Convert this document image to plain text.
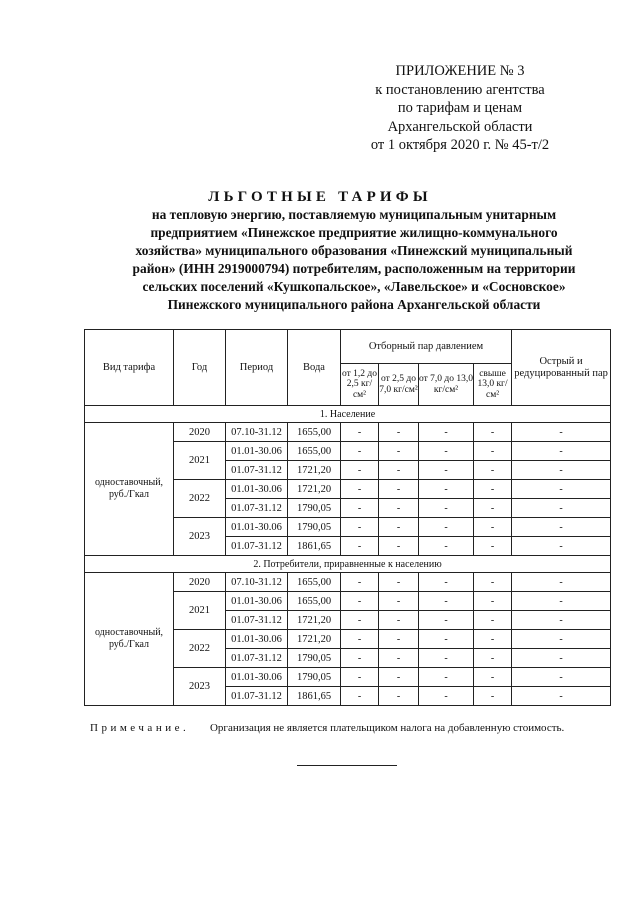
ПРИЛОЖЕНИЕ № 3
к постановлению агентства
по тарифам и ценам
Архангельской области
от 1 октября 2020 г. № 45-т/2
ЛЬГОТНЫЕ ТАРИФЫ
на тепловую энергию, поставляемую муниципальным унитарным
предприятием «Пинежское предприятие жилищно-коммунального
хозяйства» муниципального образования «Пинежский муниципальный
район» (ИНН 2919000794) потребителям, расположенным на территории
сельских поселений «Кушкопальское», «Лавельское» и «Сосновское»
Пинежского муниципального района Архангельской области
Вид тарифа	Год	Период	Вода	Отборный пар давлением				Острый и редуцированный пар
				от 1,2 до 2,5 кг/см²	от 2,5 до 7,0 кг/см²	от 7,0 до 13,0 кг/см²	свыше 13,0 кг/см²	
1. Население								
одноставочный, руб./Гкал	2020	07.10-31.12	1655,00	-	-	-	-	-
	2021	01.01-30.06	1655,00	-	-	-	-	-
		01.07-31.12	1721,20	-	-	-	-	-
	2022	01.01-30.06	1721,20	-	-	-	-	-
		01.07-31.12	1790,05	-	-	-	-	-
	2023	01.01-30.06	1790,05	-	-	-	-	-
		01.07-31.12	1861,65	-	-	-	-	-
2. Потребители, приравненные к населению								
одноставочный, руб./Гкал	2020	07.10-31.12	1655,00	-	-	-	-	-
	2021	01.01-30.06	1655,00	-	-	-	-	-
		01.07-31.12	1721,20	-	-	-	-	-
	2022	01.01-30.06	1721,20	-	-	-	-	-
		01.07-31.12	1790,05	-	-	-	-	-
	2023	01.01-30.06	1790,05	-	-	-	-	-
		01.07-31.12	1861,65	-	-	-	-	-
Примечание. Организация не является плательщиком налога на добавленную стоимость.
